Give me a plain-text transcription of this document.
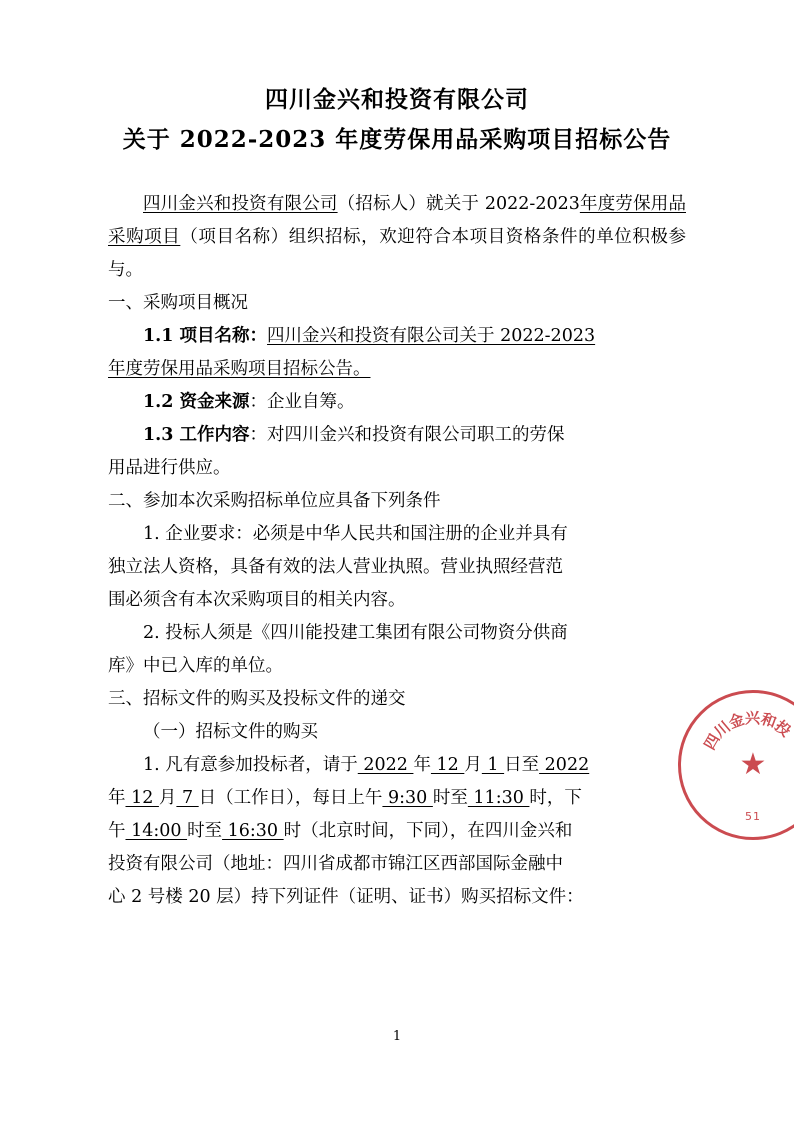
四川金兴和投资有限公司
关于 2022-2023 年度劳保用品采购项目招标公告

四川金兴和投资有限公司（招标人）就关于 2022-2023年度劳保用品采购项目（项目名称）组织招标，欢迎符合本项目资格条件的单位积极参与。

一、采购项目概况

1.1 项目名称：四川金兴和投资有限公司关于 2022-2023

年度劳保用品采购项目招标公告。

1.2 资金来源：企业自筹。

1.3 工作内容：对四川金兴和投资有限公司职工的劳保

用品进行供应。

二、参加本次采购招标单位应具备下列条件

1. 企业要求：必须是中华人民共和国注册的企业并具有

独立法人资格，具备有效的法人营业执照。营业执照经营范

围必须含有本次采购项目的相关内容。

2. 投标人须是《四川能投建工集团有限公司物资分供商

库》中已入库的单位。

三、招标文件的购买及投标文件的递交

（一）招标文件的购买

1. 凡有意参加投标者，请于 2022 年 12 月 1 日至 2022

年 12 月 7 日（工作日），每日上午 9:30 时至 11:30 时，下

午 14:00 时至 16:30 时（北京时间，下同），在四川金兴和

投资有限公司（地址：四川省成都市锦江区西部国际金融中

心 2 号楼 20 层）持下列证件（证明、证书）购买招标文件：

★
四
川
金
兴
和
投
51
1
